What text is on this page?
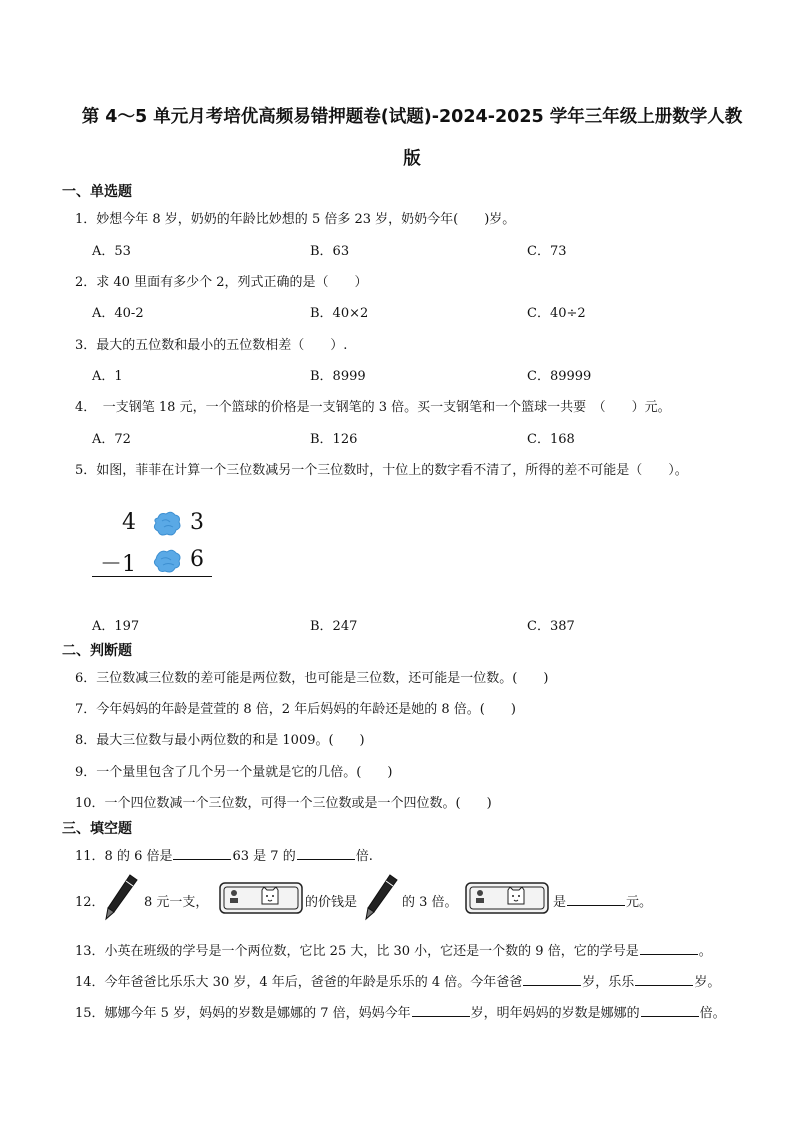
第 4～5 单元月考培优高频易错押题卷(试题)-2024-2025 学年三年级上册数学人教
版
一、单选题
1．妙想今年 8 岁，奶奶的年龄比妙想的 5 倍多 23 岁，奶奶今年(　　)岁。
A．53	B．63	C．73
2．求 40 里面有多少个 2，列式正确的是（　　）
A．40-2	B．40×2	C．40÷2
3．最大的五位数和最小的五位数相差（　　）.
A．1	B．8999	C．89999
4．　一支钢笔 18 元，一个篮球的价格是一支钢笔的 3 倍。买一支钢笔和一个篮球一共要　（　　）元。
A．72	B．126	C．168
5．如图，菲菲在计算一个三位数减另一个三位数时，十位上的数字看不清了，所得的差不可能是（　　）。
4 3
－1 6
A．197	B．247	C．387
二、判断题
6．三位数减三位数的差可能是两位数，也可能是三位数，还可能是一位数。(　　)
7．今年妈妈的年龄是萱萱的 8 倍，2 年后妈妈的年龄还是她的 8 倍。(　　)
8．最大三位数与最小两位数的和是 1009。(　　)
9．一个量里包含了几个另一个量就是它的几倍。(　　)
10．一个四位数减一个三位数，可得一个三位数或是一个四位数。(　　)
三、填空题
11．8 的 6 倍是	63 是 7 的	倍.
12．	8 元一支，	的价钱是	的 3 倍。	是	元。
13．小英在班级的学号是一个两位数，它比 25 大，比 30 小，它还是一个数的 9 倍，它的学号是	。
14．今年爸爸比乐乐大 30 岁，4 年后，爸爸的年龄是乐乐的 4 倍。今年爸爸	岁，乐乐	岁。
15．娜娜今年 5 岁，妈妈的岁数是娜娜的 7 倍，妈妈今年	岁，明年妈妈的岁数是娜娜的	倍。
